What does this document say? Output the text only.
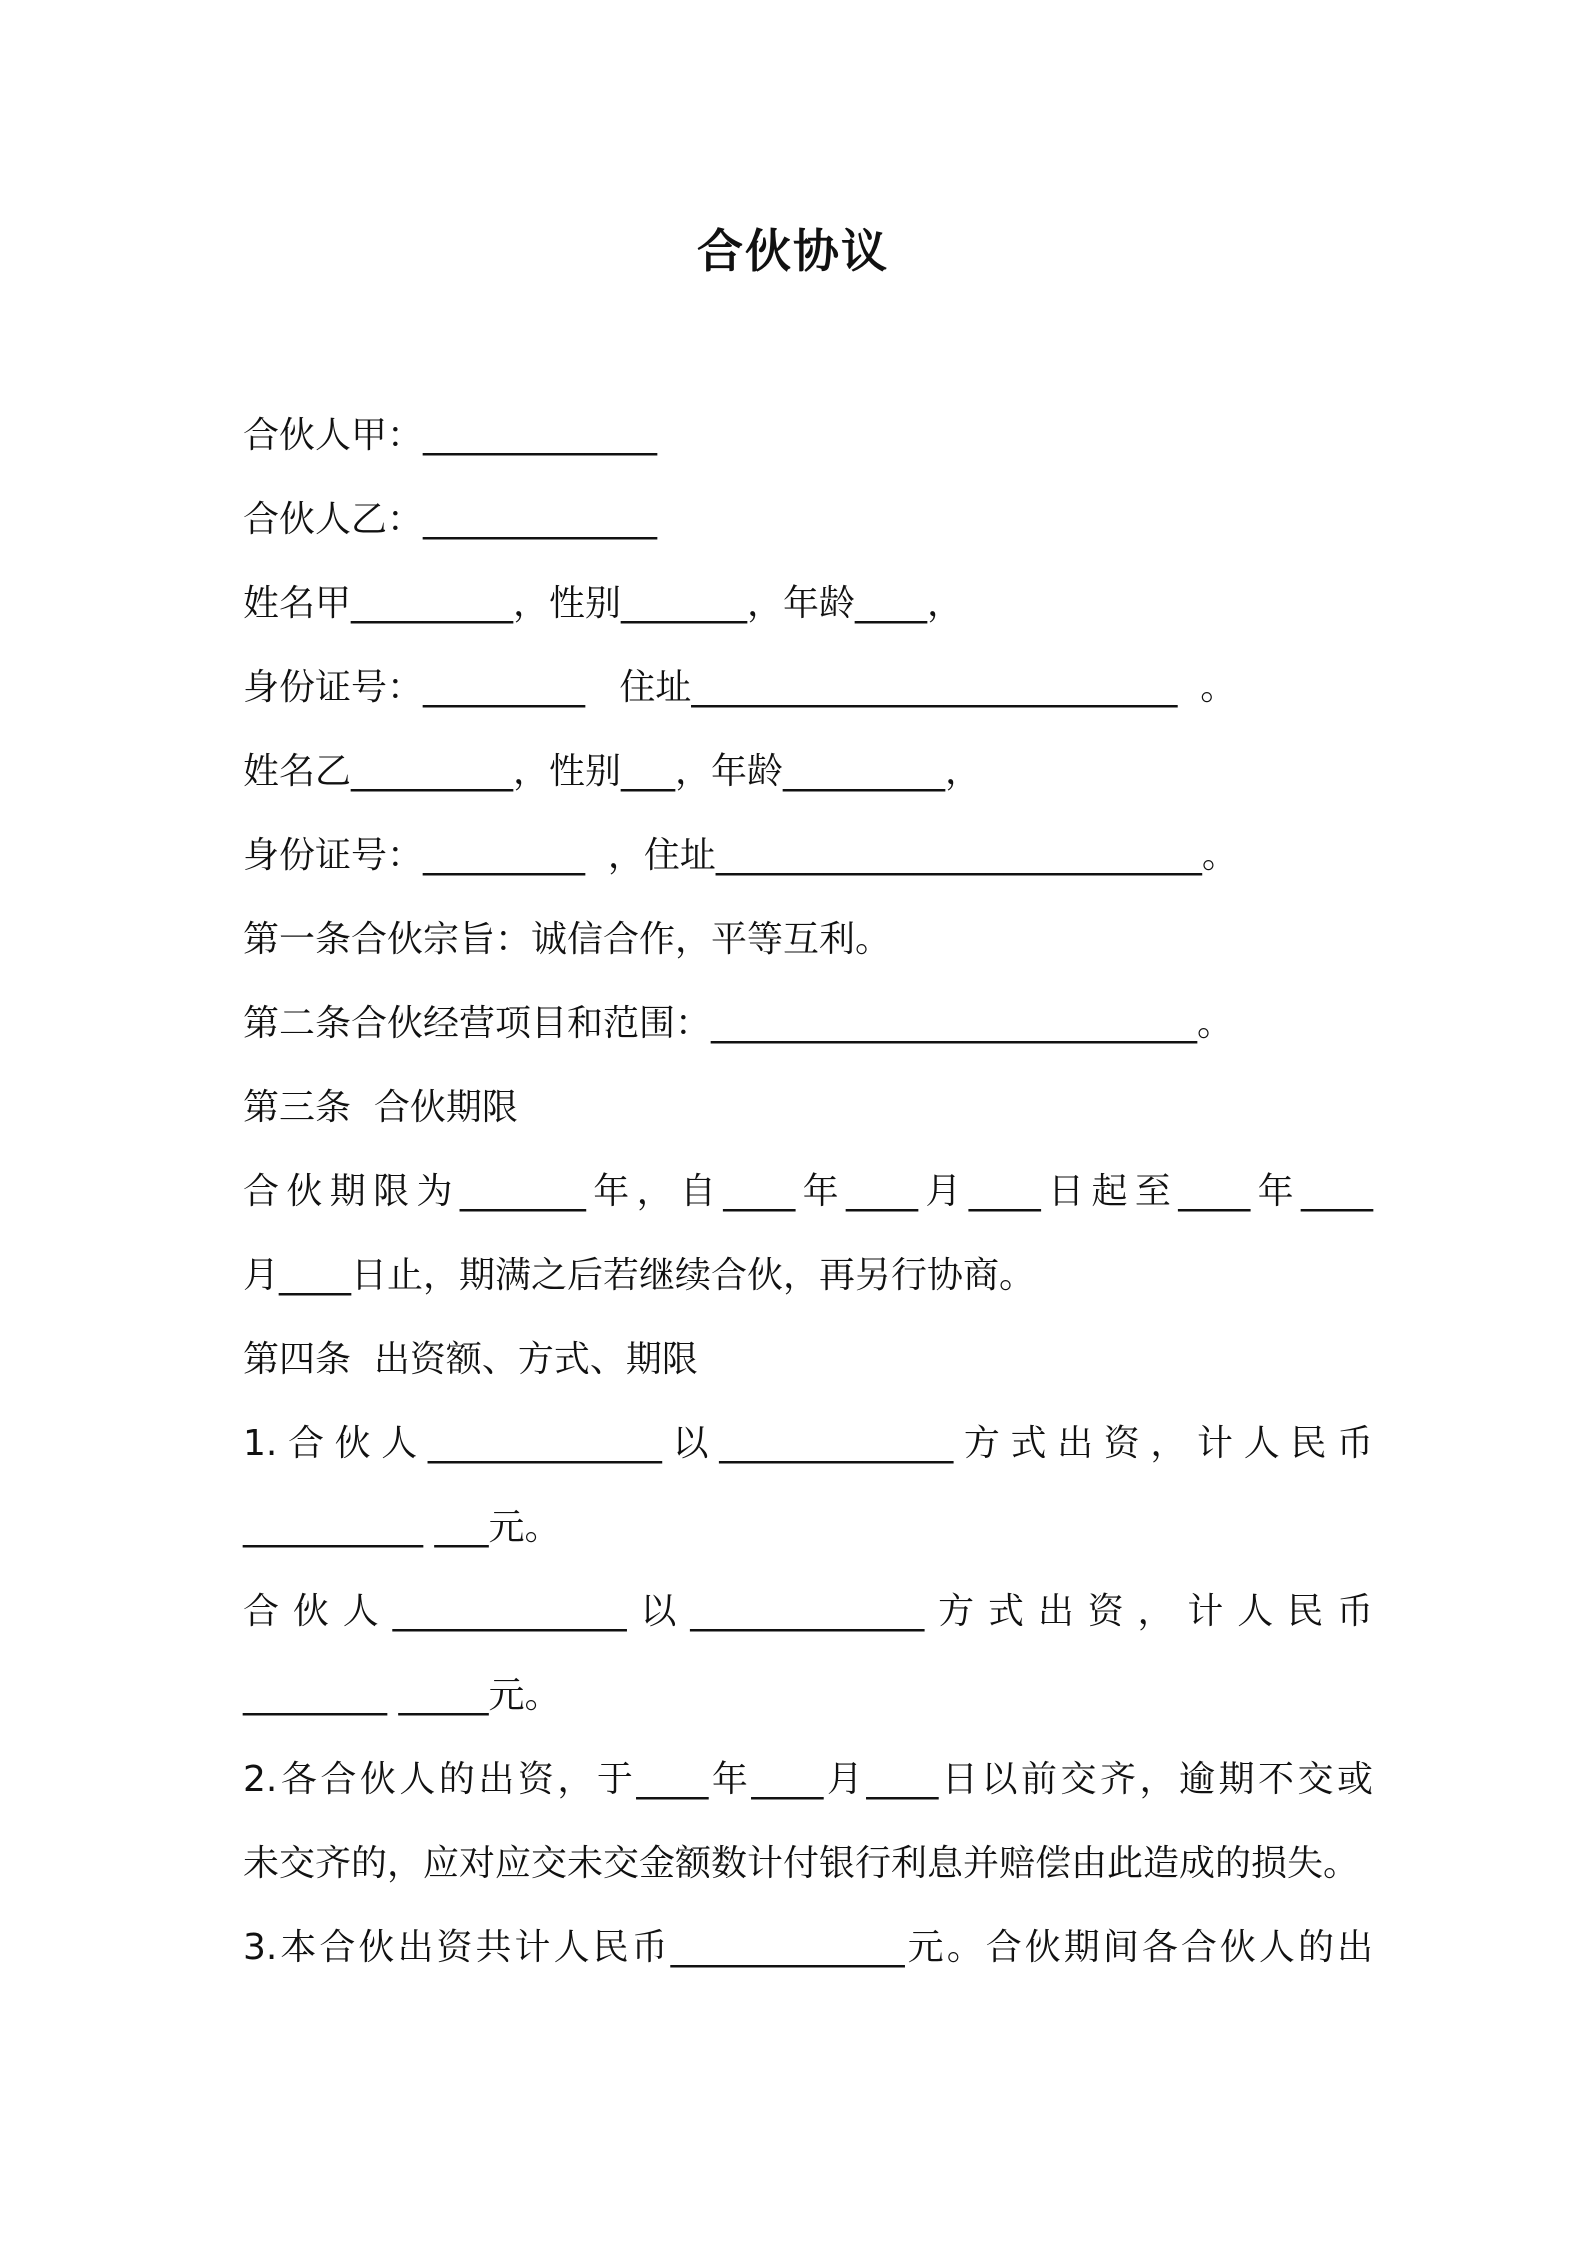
合伙协议
合伙人甲：_____________
合伙人乙：_____________
姓名甲_________，性别_______，年龄____，
身份证号：_________   住址___________________________  。
姓名乙_________，性别___，年龄_________，
身份证号：_________  ，住址___________________________。
第一条合伙宗旨：诚信合作，平等互利。
第二条合伙经营项目和范围：___________________________。
第三条  合伙期限
合伙期限为_______年，自____年____月____日起至____年____
月____日止，期满之后若继续合伙，再另行协商。
第四条  出资额、方式、期限
1.合伙人_____________以_____________方式出资，计人民币
__________ ___元。
合伙人_____________以_____________方式出资，计人民币
________ _____元。
2.各合伙人的出资，于____年____月____日以前交齐，逾期不交或
未交齐的，应对应交未交金额数计付银行利息并赔偿由此造成的损失。
3.本合伙出资共计人民币_____________元。合伙期间各合伙人的出
